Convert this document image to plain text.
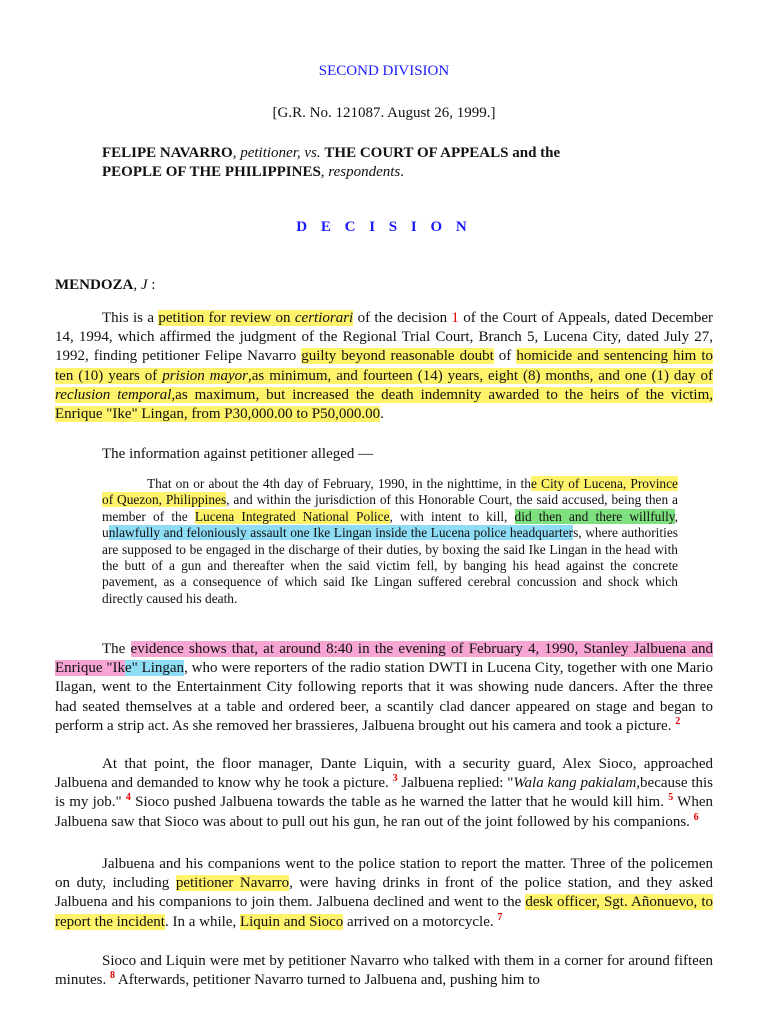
SECOND DIVISION
[G.R. No. 121087. August 26, 1999.]
FELIPE NAVARRO, petitioner, vs. THE COURT OF APPEALS and the PEOPLE OF THE PHILIPPINES, respondents.
D E C I S I O N
MENDOZA, J :
This is a petition for review on certiorari of the decision 1 of the Court of Appeals, dated December 14, 1994, which affirmed the judgment of the Regional Trial Court, Branch 5, Lucena City, dated July 27, 1992, finding petitioner Felipe Navarro guilty beyond reasonable doubt of homicide and sentencing him to ten (10) years of prision mayor,as minimum, and fourteen (14) years, eight (8) months, and one (1) day of reclusion temporal,as maximum, but increased the death indemnity awarded to the heirs of the victim, Enrique "Ike" Lingan, from P30,000.00 to P50,000.00.
The information against petitioner alleged —
That on or about the 4th day of February, 1990, in the nighttime, in the City of Lucena, Province of Quezon, Philippines, and within the jurisdiction of this Honorable Court, the said accused, being then a member of the Lucena Integrated National Police, with intent to kill, did then and there willfully, unlawfully and feloniously assault one Ike Lingan inside the Lucena police headquarters, where authorities are supposed to be engaged in the discharge of their duties, by boxing the said Ike Lingan in the head with the butt of a gun and thereafter when the said victim fell, by banging his head against the concrete pavement, as a consequence of which said Ike Lingan suffered cerebral concussion and shock which directly caused his death.
The evidence shows that, at around 8:40 in the evening of February 4, 1990, Stanley Jalbuena and Enrique "Ike" Lingan, who were reporters of the radio station DWTI in Lucena City, together with one Mario Ilagan, went to the Entertainment City following reports that it was showing nude dancers. After the three had seated themselves at a table and ordered beer, a scantily clad dancer appeared on stage and began to perform a strip act. As she removed her brassieres, Jalbuena brought out his camera and took a picture. $^2$
At that point, the floor manager, Dante Liquin, with a security guard, Alex Sioco, approached Jalbuena and demanded to know why he took a picture. $^3$ Jalbuena replied: "Wala kang pakialam,because this is my job." $^4$ Sioco pushed Jalbuena towards the table as he warned the latter that he would kill him. $^5$ When Jalbuena saw that Sioco was about to pull out his gun, he ran out of the joint followed by his companions. $^6$
Jalbuena and his companions went to the police station to report the matter. Three of the policemen on duty, including petitioner Navarro, were having drinks in front of the police station, and they asked Jalbuena and his companions to join them. Jalbuena declined and went to the desk officer, Sgt. Añonuevo, to report the incident. In a while, Liquin and Sioco arrived on a motorcycle. $^7$
Sioco and Liquin were met by petitioner Navarro who talked with them in a corner for around fifteen minutes. $^8$ Afterwards, petitioner Navarro turned to Jalbuena and, pushing him to
